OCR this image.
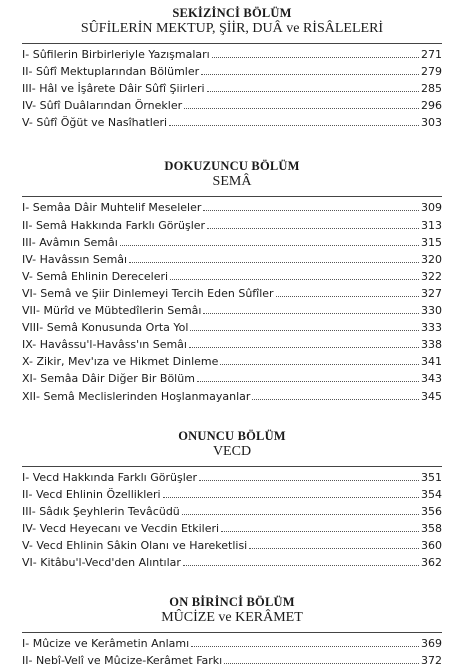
SEKİZİNCİ BÖLÜM
SÛFİLERİN MEKTUP, ŞİİR, DUÂ ve RİSÂLELERİ
I- Sûfilerin Birbirleriyle Yazışmaları	271
II- Sûfî Mektuplarından Bölümler	279
III- Hâl ve İşârete Dâir Sûfî Şiirleri	285
IV- Sûfî Duâlarından Örnekler	296
V- Sûfî Öğüt ve Nasîhatleri	303
DOKUZUNCU BÖLÜM
SEMÂ
I- Semâa Dâir Muhtelif Meseleler	309
II- Semâ Hakkında Farklı Görüşler	313
III- Avâmın Semâı	315
IV- Havâssın Semâı	320
V- Semâ Ehlinin Dereceleri	322
VI- Semâ ve Şiir Dinlemeyi Tercih Eden Sûfîler	327
VII- Mürîd ve Mübtedîlerin Semâı	330
VIII- Semâ Konusunda Orta Yol	333
IX- Havâssu'l-Havâss'ın Semâı	338
X- Zikir, Mev'ıza ve Hikmet Dinleme	341
XI- Semâa Dâir Diğer Bir Bölüm	343
XII- Semâ Meclislerinden Hoşlanmayanlar	345
ONUNCU BÖLÜM
VECD
I- Vecd Hakkında Farklı Görüşler	351
II- Vecd Ehlinin Özellikleri	354
III- Sâdık Şeyhlerin Tevâcüdü	356
IV- Vecd Heyecanı ve Vecdin Etkileri	358
V- Vecd Ehlinin Sâkin Olanı ve Hareketlisi	360
VI- Kitâbu'l-Vecd'den Alıntılar	362
ON BİRİNCİ BÖLÜM
MÛCİZE ve KERÂMET
I- Mûcize ve Kerâmetin Anlamı	369
II- Nebî-Velî ve Mûcize-Kerâmet Farkı	372
